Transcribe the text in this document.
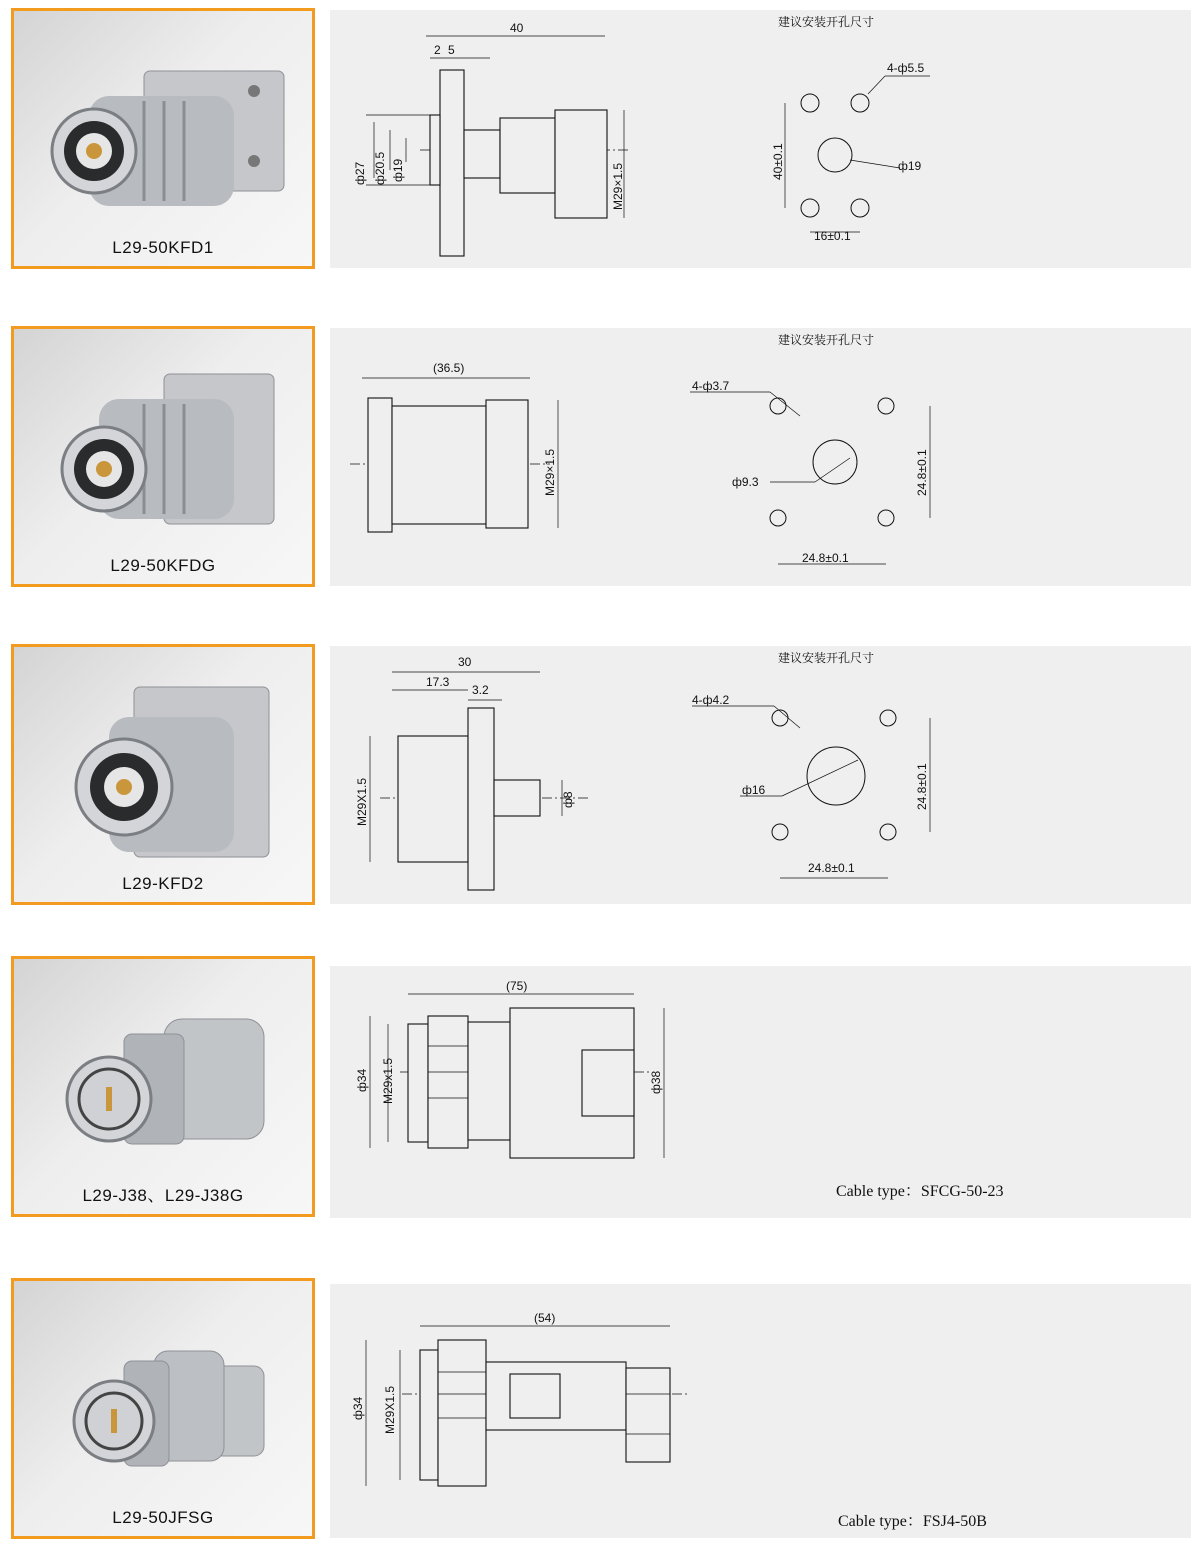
L29-50KFD1
建议安装开孔尺寸
40
2 5
ф27 ф20.5 ф19	M29×1.5
4-ф5.5
ф19
40±0.1
16±0.1
L29-50KFDG
建议安装开孔尺寸
(36.5)
M29×1.5
4-ф3.7
ф9.3	24.8±0.1
24.8±0.1
L29-KFD2
建议安装开孔尺寸
30
17.3
3.2
M29X1.5	ф8
4-ф4.2
ф16	24.8±0.1
24.8±0.1
L29-J38、L29-J38G
(75)
ф34 M29x1.5	ф38
Cable type：SFCG-50-23
L29-50JFSG
(54)
ф34 M29X1.5
Cable type：FSJ4-50B
